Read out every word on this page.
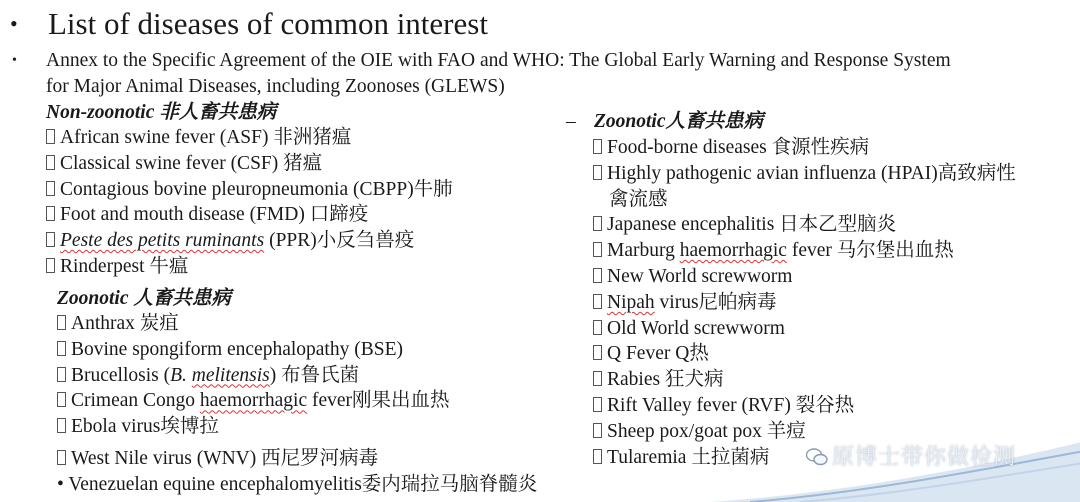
• List of diseases of common interest
•	Annex to the Specific Agreement of the OIE with FAO and WHO: The Global Early Warning and Response System
for Major Animal Diseases, including Zoonoses (GLEWS)
Non-zoonotic 非人畜共患病
African swine fever (ASF) 非洲猪瘟
Classical swine fever (CSF) 猪瘟
Contagious bovine pleuropneumonia (CBPP)牛肺
Foot and mouth disease (FMD) 口蹄疫
Peste des petits ruminants (PPR)小反刍兽疫
Rinderpest 牛瘟
Zoonotic 人畜共患病
Anthrax 炭疽
Bovine spongiform encephalopathy (BSE)
Brucellosis (B. melitensis) 布鲁氏菌
Crimean Congo haemorrhagic fever刚果出血热
Ebola virus埃博拉
West Nile virus (WNV) 西尼罗河病毒
• Venezuelan equine encephalomyelitis委内瑞拉马脑脊髓炎
– Zoonotic人畜共患病
Food-borne diseases 食源性疾病
Highly pathogenic avian influenza (HPAI)高致病性
禽流感
Japanese encephalitis 日本乙型脑炎
Marburg haemorrhagic fever 马尔堡出血热
New World screwworm
Nipah virus尼帕病毒
Old World screwworm
Q Fever Q热
Rabies 狂犬病
Rift Valley fever (RVF) 裂谷热
Sheep pox/goat pox 羊痘
Tularemia 土拉菌病	原博士带你做检测
